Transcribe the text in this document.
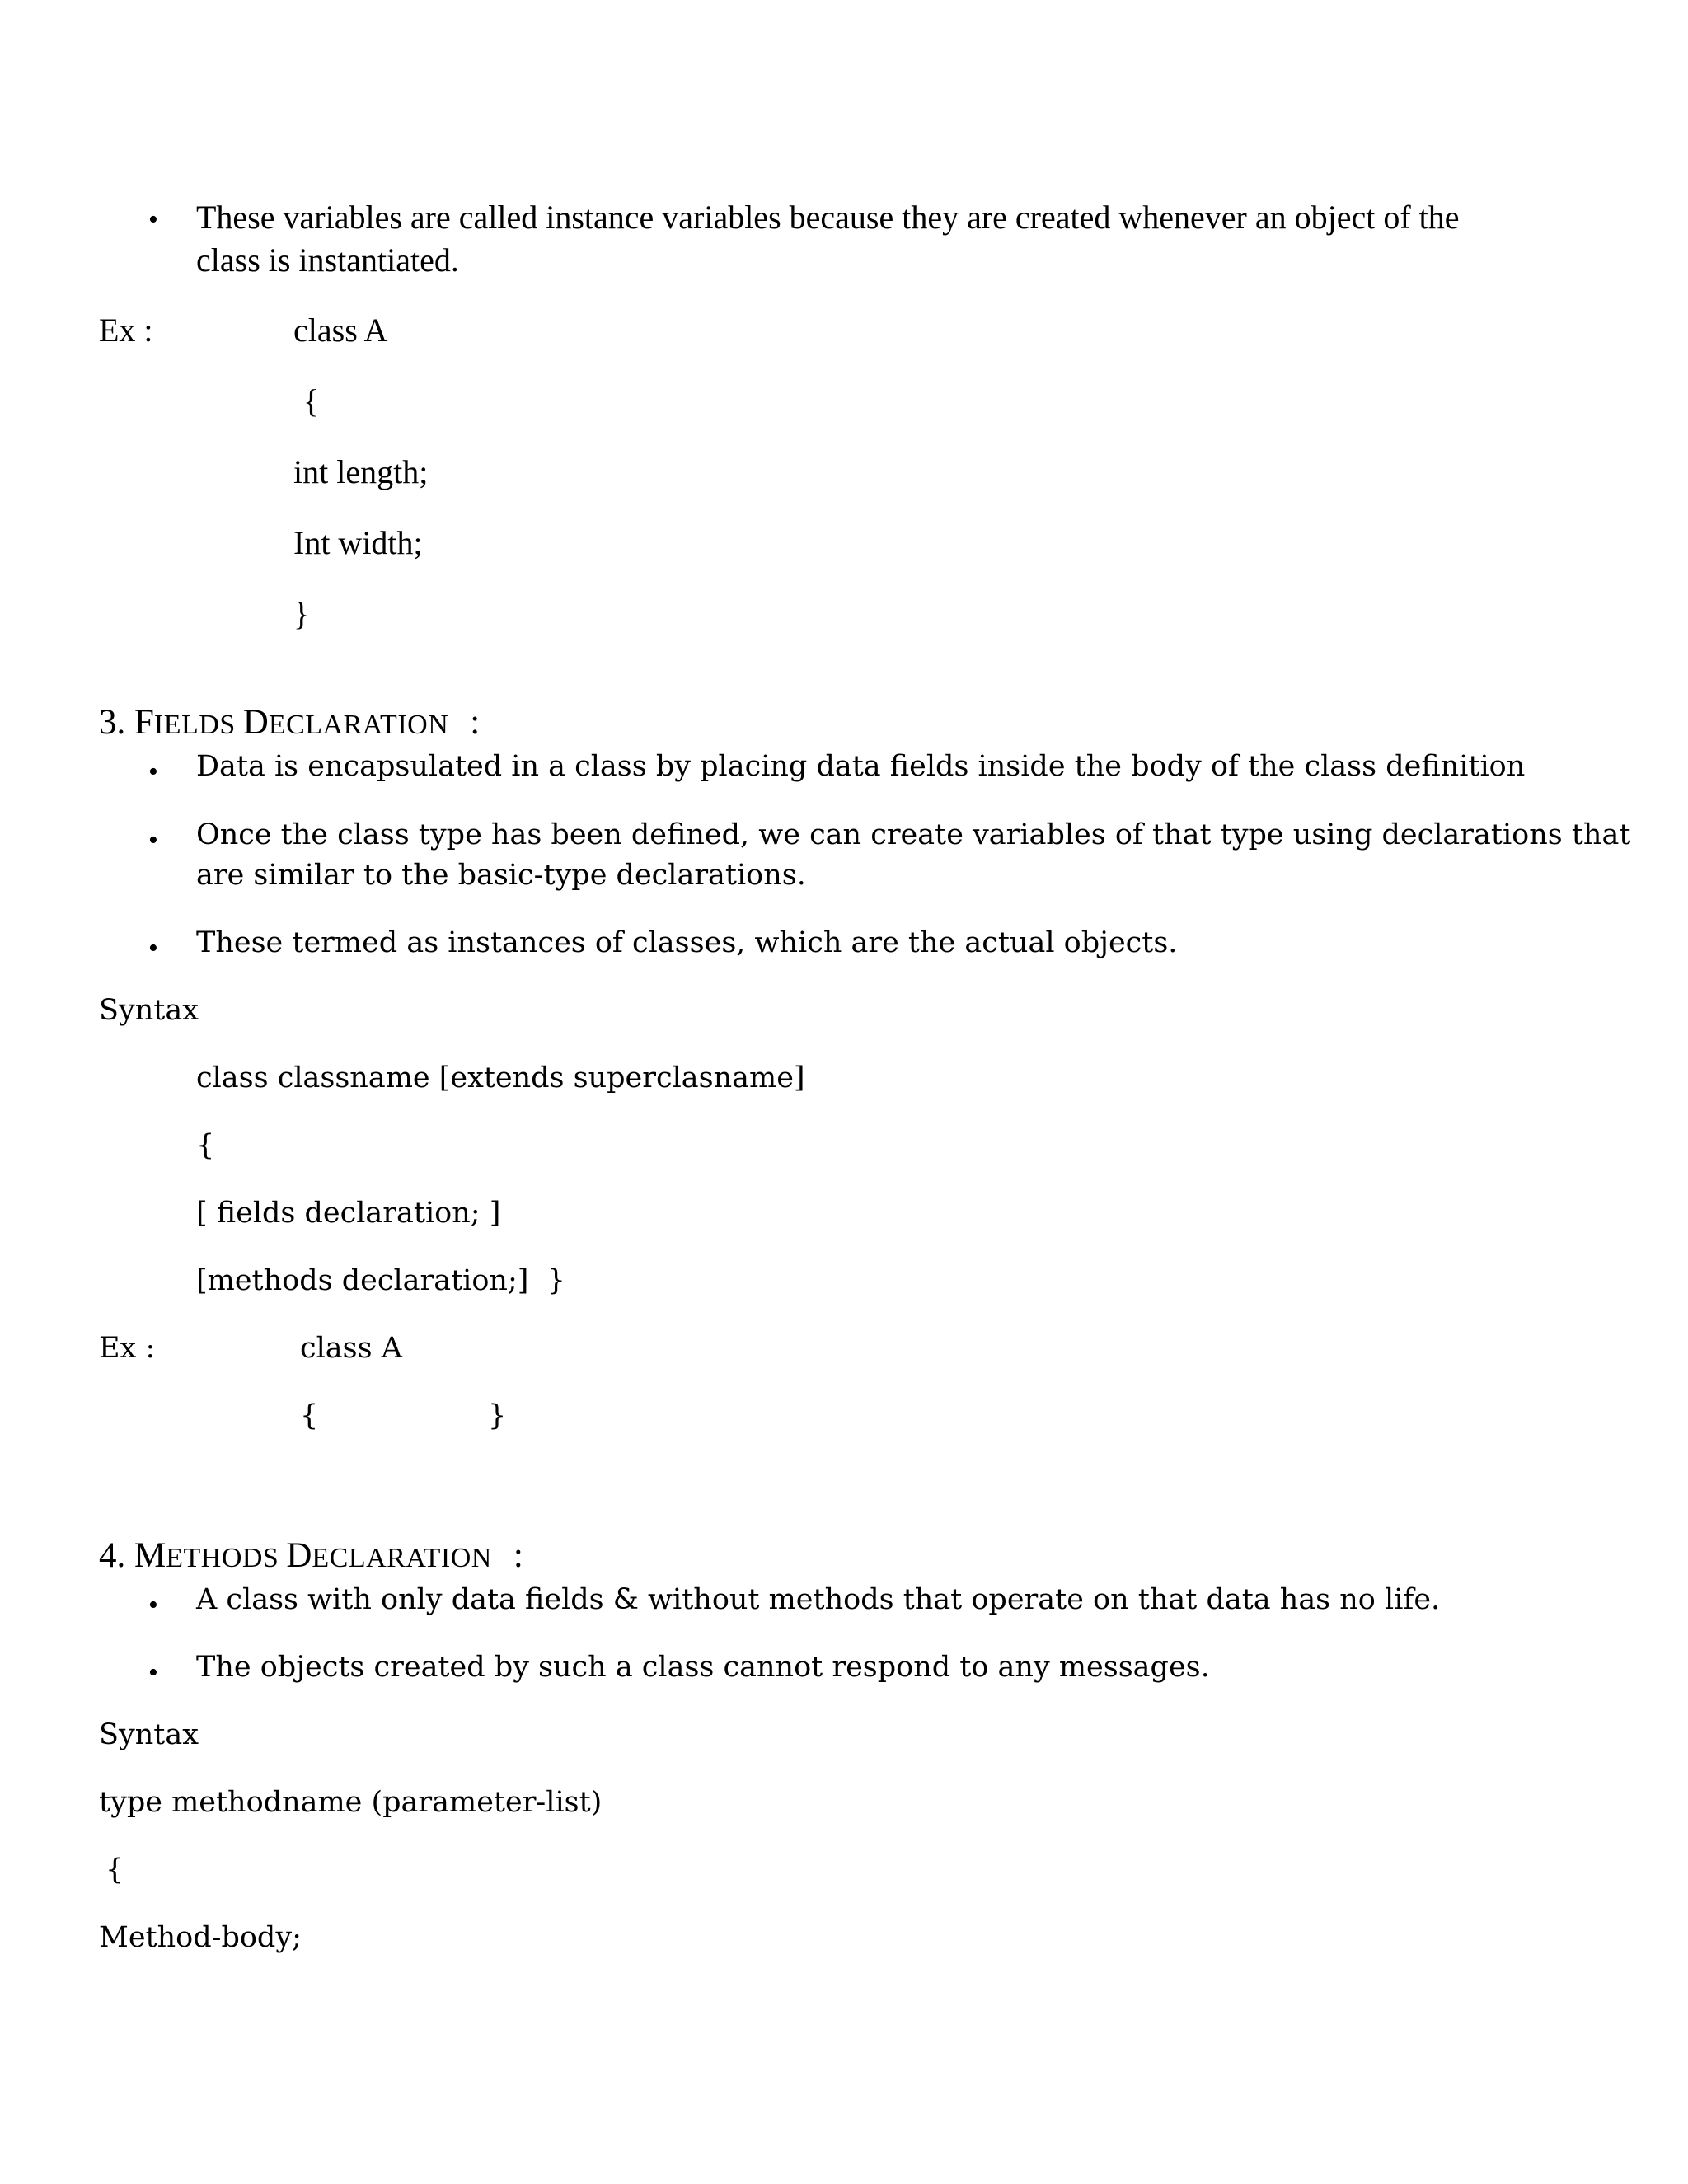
• These variables are called instance variables because they are created whenever an object of the
class is instantiated.
Ex :	class A
{
int length;
Int width;
}
3. FIELDS DECLARATION :
• Data is encapsulated in a class by placing data fields inside the body of the class definition
• Once the class type has been defined, we can create variables of that type using declarations that
are similar to the basic-type declarations.
• These termed as instances of classes, which are the actual objects.
Syntax
class classname [extends superclasname]
{
[ fields declaration; ]
[methods declaration;]  }
Ex :	class A
{	}
4. METHODS DECLARATION :
• A class with only data fields & without methods that operate on that data has no life.
• The objects created by such a class cannot respond to any messages.
Syntax
type methodname (parameter-list)
{
Method-body;
